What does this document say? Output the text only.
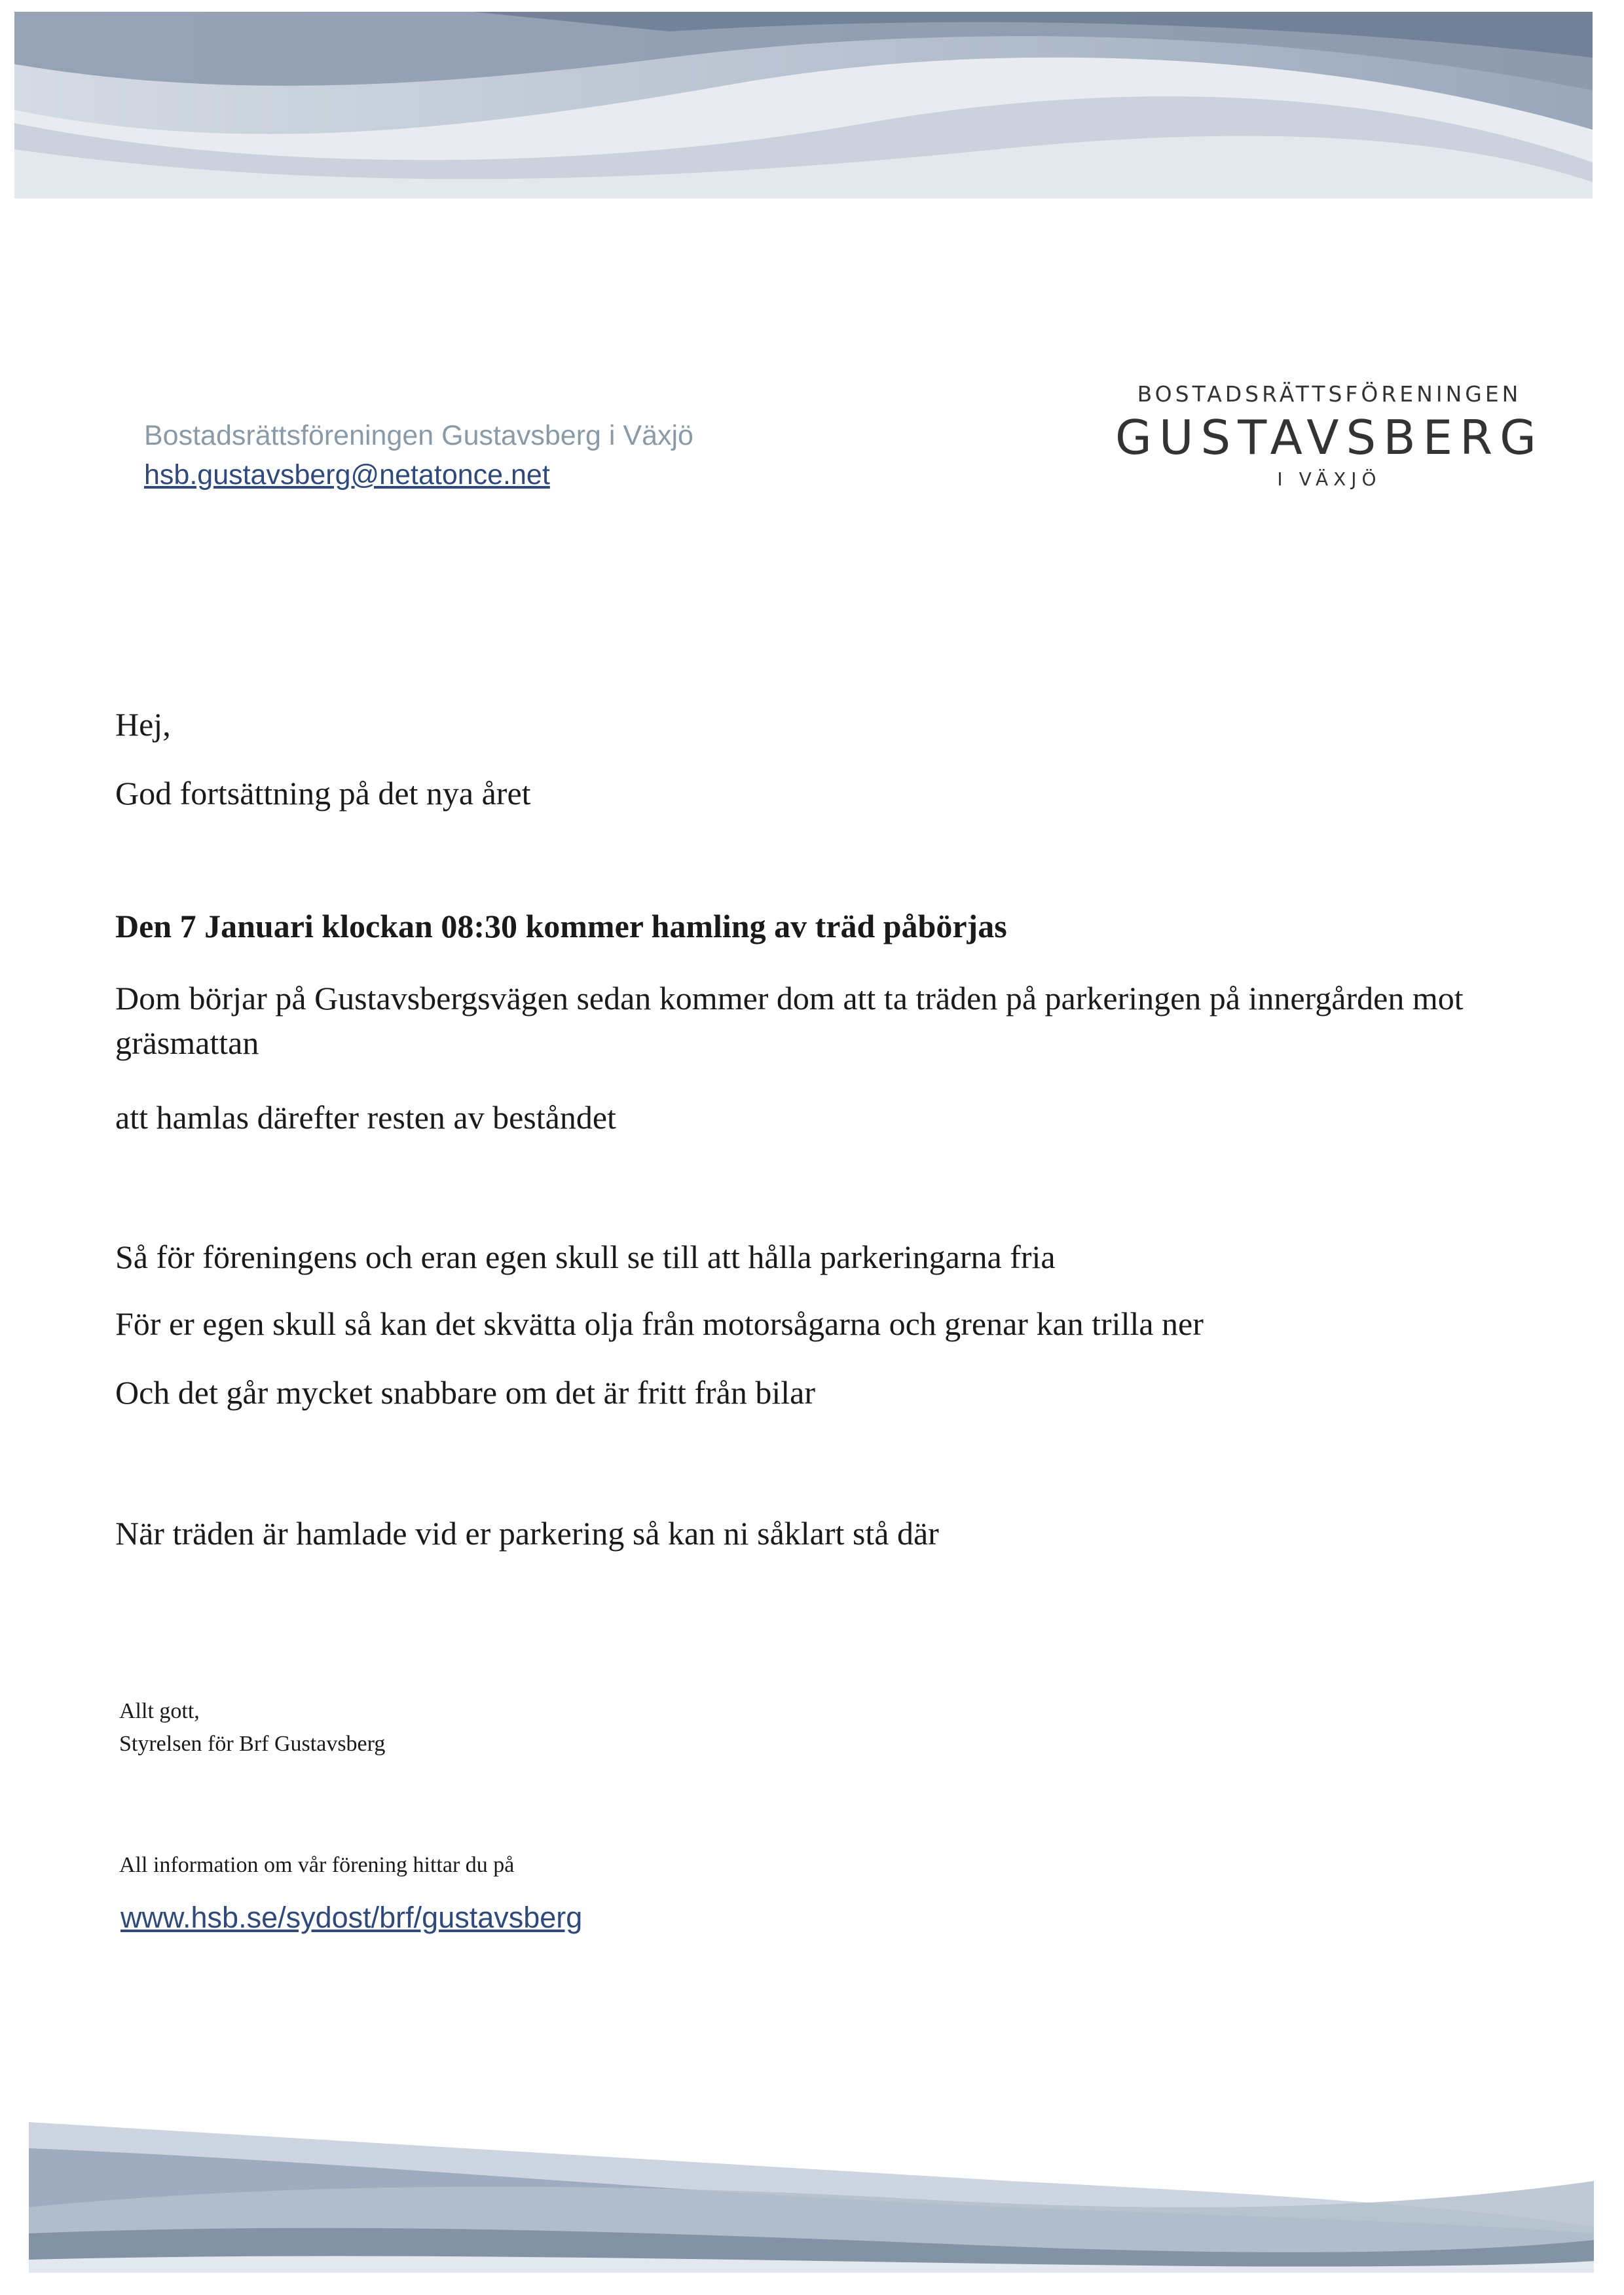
Bostadsrättsföreningen Gustavsberg i Växjö
hsb.gustavsberg@netatonce.net
BOSTADSRÄTTSFÖRENINGEN
GUSTAVSBERG
I VÄXJÖ
Hej,
God fortsättning på det nya året
Den 7 Januari klockan 08:30 kommer hamling av träd påbörjas
Dom börjar på Gustavsbergsvägen sedan kommer dom att ta träden på parkeringen på innergården mot gräsmattan
att hamlas därefter resten av beståndet
Så för föreningens och eran egen skull se till att hålla parkeringarna fria
För er egen skull så kan det skvätta olja från motorsågarna och grenar kan trilla ner
Och det går mycket snabbare om det är fritt från bilar
När träden är hamlade vid er parkering så kan ni såklart stå där
Allt gott,
Styrelsen för Brf Gustavsberg
All information om vår förening hittar du på
www.hsb.se/sydost/brf/gustavsberg
